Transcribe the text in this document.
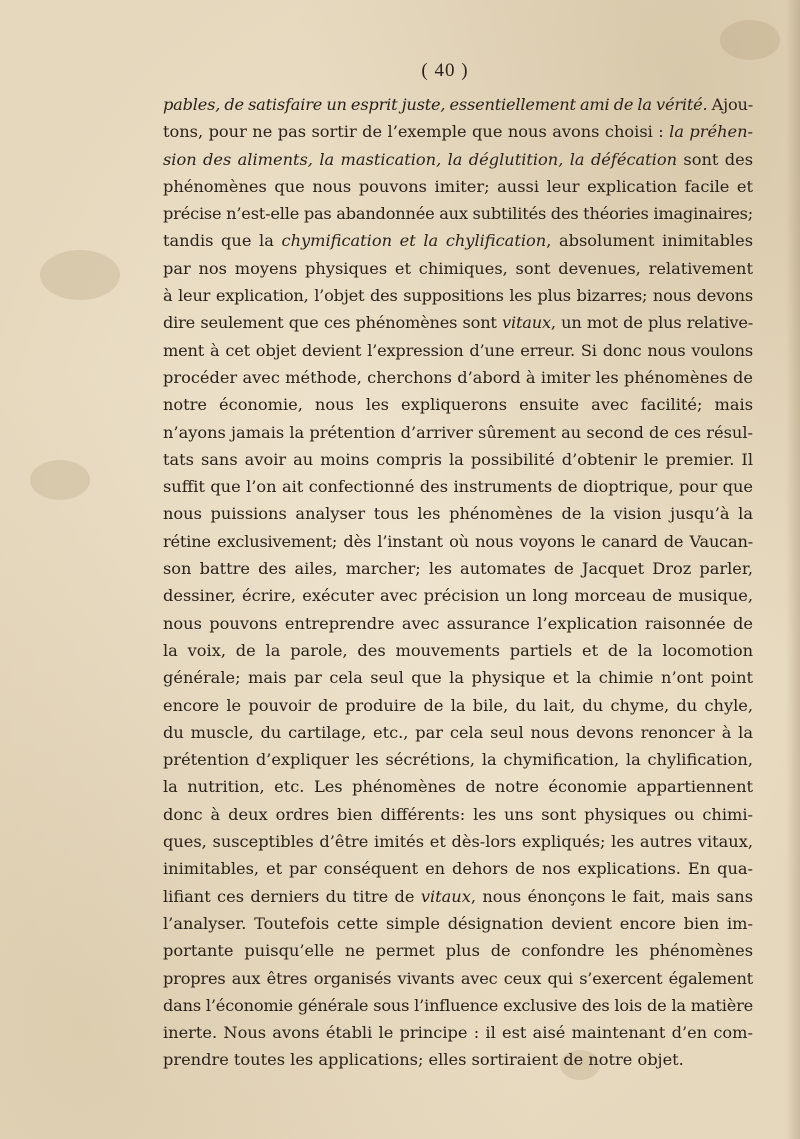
( 40 )
pables, de satisfaire un esprit juste, essentiellement ami de la vérité. Ajou-
tons, pour ne pas sortir de l’exemple que nous avons choisi : la préhen-
sion des aliments, la mastication, la déglutition, la défécation sont des
phénomènes que nous pouvons imiter; aussi leur explication facile et
précise n’est-elle pas abandonnée aux subtilités des théories imaginaires;
tandis que la chymification et la chylification, absolument inimitables
par nos moyens physiques et chimiques, sont devenues, relativement
à leur explication, l’objet des suppositions les plus bizarres; nous devons
dire seulement que ces phénomènes sont vitaux, un mot de plus relative-
ment à cet objet devient l’expression d’une erreur. Si donc nous voulons
procéder avec méthode, cherchons d’abord à imiter les phénomènes de
notre économie, nous les expliquerons ensuite avec facilité; mais
n’ayons jamais la prétention d’arriver sûrement au second de ces résul-
tats sans avoir au moins compris la possibilité d’obtenir le premier. Il
suffit que l’on ait confectionné des instruments de dioptrique, pour que
nous puissions analyser tous les phénomènes de la vision jusqu’à la
rétine exclusivement; dès l’instant où nous voyons le canard de Vaucan-
son battre des ailes, marcher; les automates de Jacquet Droz parler,
dessiner, écrire, exécuter avec précision un long morceau de musique,
nous pouvons entreprendre avec assurance l’explication raisonnée de
la voix, de la parole, des mouvements partiels et de la locomotion
générale; mais par cela seul que la physique et la chimie n’ont point
encore le pouvoir de produire de la bile, du lait, du chyme, du chyle,
du muscle, du cartilage, etc., par cela seul nous devons renoncer à la
prétention d’expliquer les sécrétions, la chymification, la chylification,
la nutrition, etc. Les phénomènes de notre économie appartiennent
donc à deux ordres bien différents: les uns sont physiques ou chimi-
ques, susceptibles d’être imités et dès-lors expliqués; les autres vitaux,
inimitables, et par conséquent en dehors de nos explications. En qua-
lifiant ces derniers du titre de vitaux, nous énonçons le fait, mais sans
l’analyser. Toutefois cette simple désignation devient encore bien im-
portante puisqu’elle ne permet plus de confondre les phénomènes
propres aux êtres organisés vivants avec ceux qui s’exercent également
dans l’économie générale sous l’influence exclusive des lois de la matière
inerte. Nous avons établi le principe : il est aisé maintenant d’en com-
prendre toutes les applications; elles sortiraient de notre objet.
